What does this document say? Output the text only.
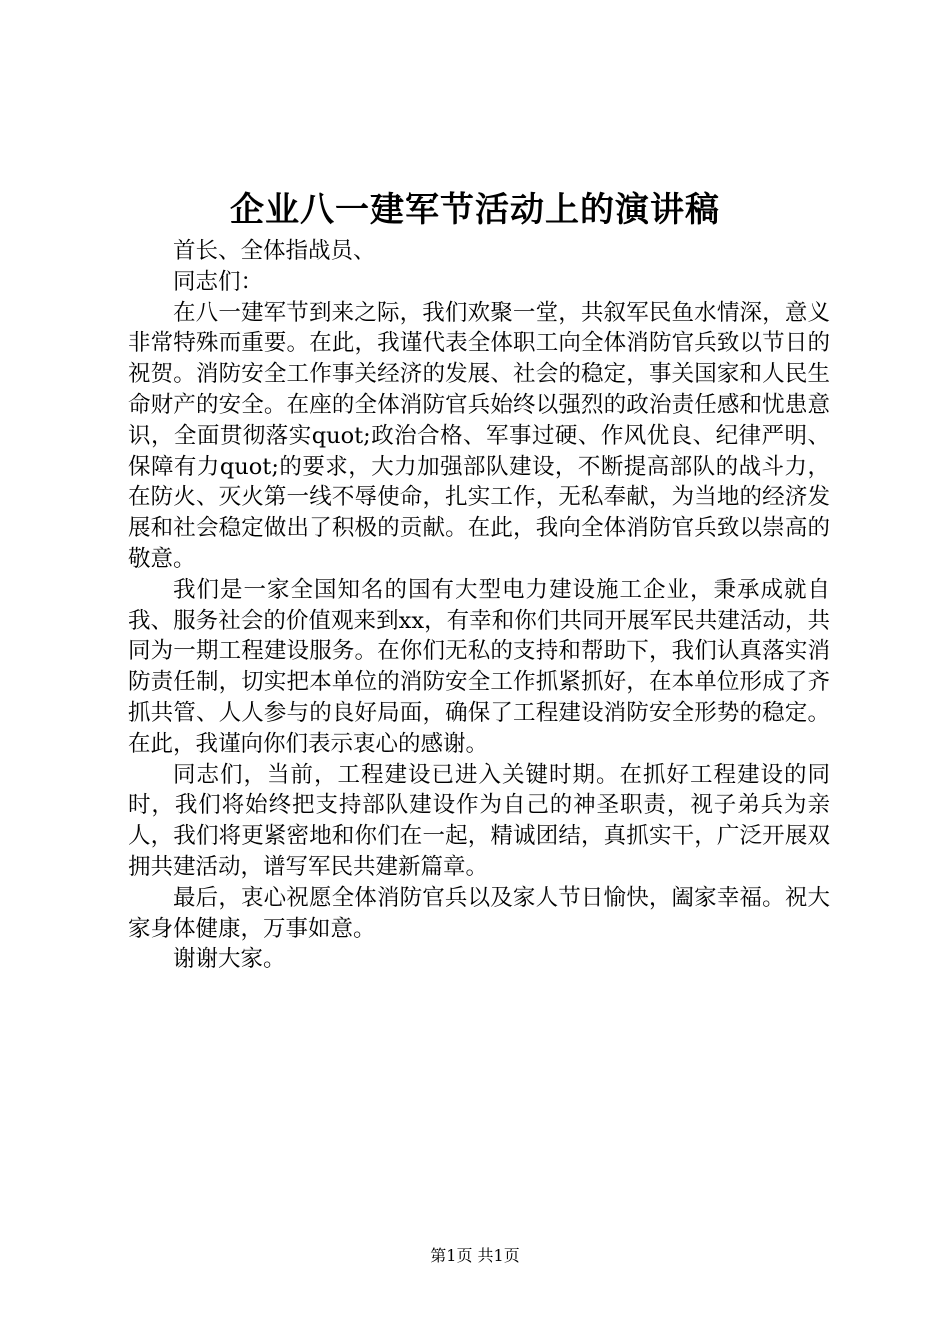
企业八一建军节活动上的演讲稿

首长、全体指战员、

同志们：

在八一建军节到来之际，我们欢聚一堂，共叙军民鱼水情深，意义非常特殊而重要。在此，我谨代表全体职工向全体消防官兵致以节日的祝贺。消防安全工作事关经济的发展、社会的稳定，事关国家和人民生命财产的安全。在座的全体消防官兵始终以强烈的政治责任感和忧患意识，全面贯彻落实quot;政治合格、军事过硬、作风优良、纪律严明、保障有力quot;的要求，大力加强部队建设，不断提高部队的战斗力，在防火、灭火第一线不辱使命，扎实工作，无私奉献，为当地的经济发展和社会稳定做出了积极的贡献。在此，我向全体消防官兵致以崇高的敬意。

我们是一家全国知名的国有大型电力建设施工企业，秉承成就自我、服务社会的价值观来到xx，有幸和你们共同开展军民共建活动，共同为一期工程建设服务。在你们无私的支持和帮助下，我们认真落实消防责任制，切实把本单位的消防安全工作抓紧抓好，在本单位形成了齐抓共管、人人参与的良好局面，确保了工程建设消防安全形势的稳定。在此，我谨向你们表示衷心的感谢。

同志们，当前，工程建设已进入关键时期。在抓好工程建设的同时，我们将始终把支持部队建设作为自己的神圣职责，视子弟兵为亲人，我们将更紧密地和你们在一起，精诚团结，真抓实干，广泛开展双拥共建活动，谱写军民共建新篇章。

最后，衷心祝愿全体消防官兵以及家人节日愉快，阖家幸福。祝大家身体健康，万事如意。

谢谢大家。

第1页 共1页
